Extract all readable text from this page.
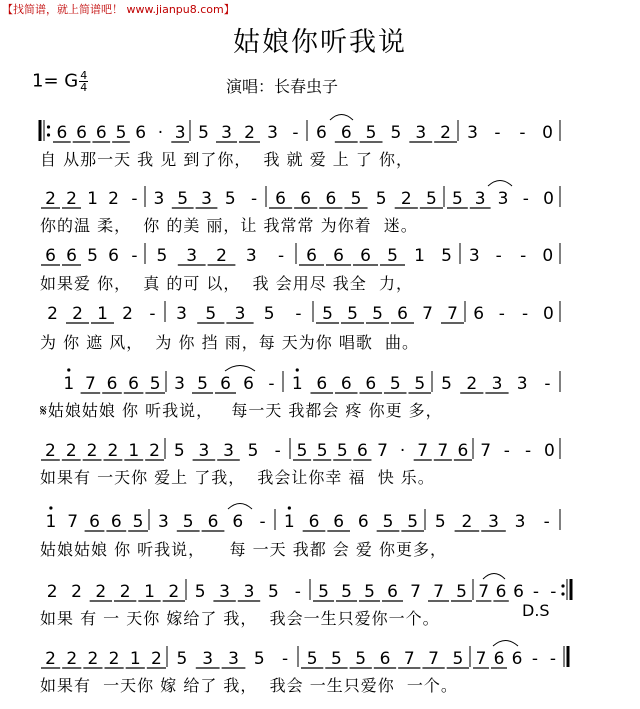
【找简谱，就上简谱吧！ www.jianpu8.com】
姑娘你听我说
1= G $\frac{4}{4}$	演唱：长春虫子
6 6 6 5 6 · 3 5 3 2 3 - 6 6 5 5 3 2 3 - - 0
2 2 1 2 - 3 5 3 5 - 6 6 6 5 5 2 5 5 3 3 - 0
6 6 5 6 - 5 3 2 3 - 6 6 6 5 1 5 3 - - 0
2 2 1 2 - 3 5 3 5 - 5 5 5 6 7 7 6 - - 0
1 7 6 6 5 3 5 6 6 - 1 6 6 6 5 5 5 2 3 3 -
2 2 2 2 1 2 5 3 3 5 - 5 5 5 6 7 · 7 7 6 7 - - 0
1 7 6 6 5 3 5 6 6 - 1 6 6 6 5 5 5 2 3 3 -
2 2 2 2 1 2 5 3 3 5 - 5 5 5 6 7 7 5 7 6 6 - -
2 2 2 2 1 2 5 3 3 5 - 5 5 5 6 7 7 5 7 6 6 - -
D.S
自 从那一天 我 见 到了你，  我 就 爱 上 了 你，
你的温 柔，  你 的美 丽，让 我常常 为你着  迷。
如果爱 你，  真 的可 以，  我 会用尽 我全  力，
为 你 遮 风，  为 你 挡 雨，每 天为你 唱歌  曲。
𝄋姑娘姑娘 你 听我说，   每一天 我都会 疼 你更 多，
如果有 一天你 爱上 了我，  我会让你幸 福  快 乐。
姑娘姑娘 你 听我说，    每 一天 我都 会 爱 你更多，
如果 有 一 天你 嫁给了 我，  我会一生只爱你一个。
如果有  一天你 嫁 给了 我，  我会 一生只爱你  一个。
